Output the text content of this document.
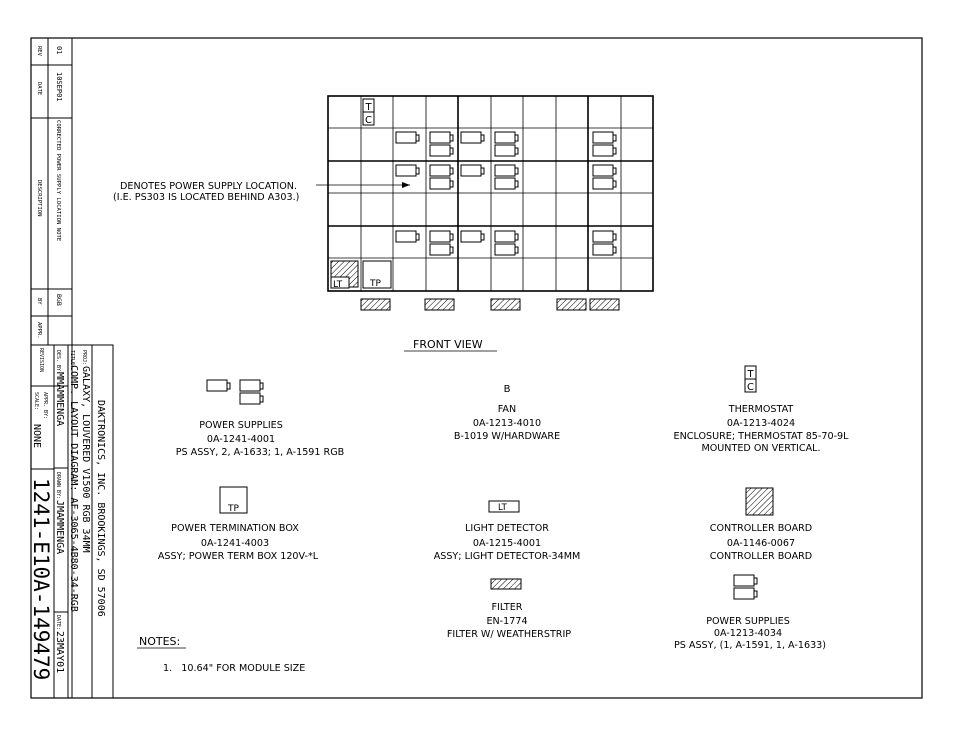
REV
DATE
DESCRIPTION
BY
APPR.
01
10SEP01
CORRECTED POWER SUPPLY LOCATION NOTE
BGB
DAKTRONICS, INC. BROOKINGS, SD 57006
PROJ:
GALAXY, LOUVERED V1500 RGB 34MM
TITLE:
COMP. LAYOUT DIAGRAM: AF-3065-4B80-34-RGB
DES. BY:
MMAMMENGA
DRAWN BY:
JMAMMENGA
DATE:
23MAY01
REVISION
APPR. BY:
SCALE:
NONE
1241-E10A-149479
T
C
LT	TP
DENOTES POWER SUPPLY LOCATION.
(I.E. PS303 IS LOCATED BEHIND A303.)
FRONT VIEW
POWER SUPPLIES
0A-1241-4001
PS ASSY, 2, A-1633; 1, A-1591 RGB
B
FAN
0A-1213-4010
B-1019 W/HARDWARE
T
C
THERMOSTAT
0A-1213-4024
ENCLOSURE; THERMOSTAT 85-70-9L
MOUNTED ON VERTICAL.
TP
POWER TERMINATION BOX
0A-1241-4003
ASSY; POWER TERM BOX 120V-*L
LT
LIGHT DETECTOR
0A-1215-4001
ASSY; LIGHT DETECTOR-34MM
CONTROLLER BOARD
0A-1146-0067
CONTROLLER BOARD
FILTER
EN-1774
FILTER W/ WEATHERSTRIP
POWER SUPPLIES
0A-1213-4034
PS ASSY, (1, A-1591, 1, A-1633)
NOTES:
1.   10.64" FOR MODULE SIZE
